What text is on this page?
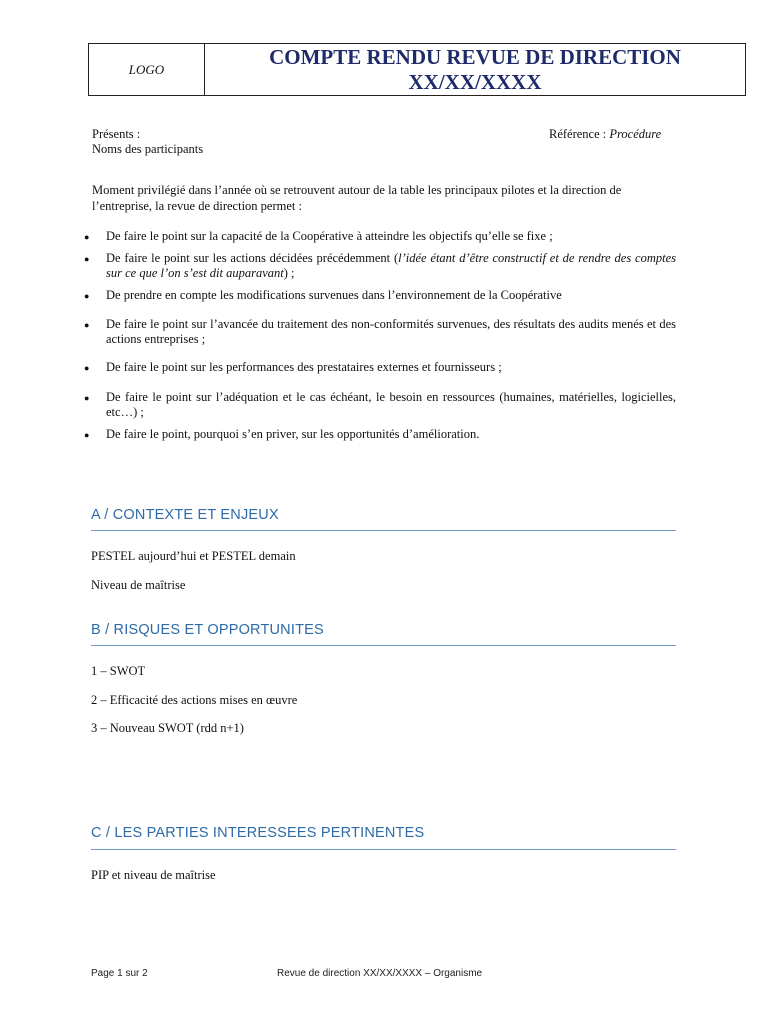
LOGO
COMPTE RENDU REVUE DE DIRECTION
XX/XX/XXXX
Présents :
Noms des participants
Référence : Procédure
Moment privilégié dans l’année où se retrouvent autour de la table les principaux pilotes et la direction de l’entreprise, la revue de direction permet :
●	De faire le point sur la capacité de la Coopérative à atteindre les objectifs qu’elle se fixe ;
●	De faire le point sur les actions décidées précédemment (l’idée étant d’être constructif et de rendre des comptes sur ce que l’on s’est dit auparavant) ;
●	De prendre en compte les modifications survenues dans l’environnement de la Coopérative
●	De faire le point sur l’avancée du traitement des non-conformités survenues, des résultats des audits menés et des actions entreprises ;
●	De faire le point sur les performances des prestataires externes et fournisseurs ;
●	De faire le point sur l’adéquation et le cas échéant, le besoin en ressources (humaines, matérielles, logicielles, etc…) ;
●	De faire le point, pourquoi s’en priver, sur les opportunités d’amélioration.
A / CONTEXTE ET ENJEUX
PESTEL aujourd’hui et PESTEL demain
Niveau de maîtrise
B / RISQUES ET OPPORTUNITES
1 – SWOT
2 – Efficacité des actions mises en œuvre
3 – Nouveau SWOT (rdd n+1)
C / LES PARTIES INTERESSEES PERTINENTES
PIP et niveau de maîtrise
Page 1 sur 2	Revue de direction XX/XX/XXXX – Organisme
